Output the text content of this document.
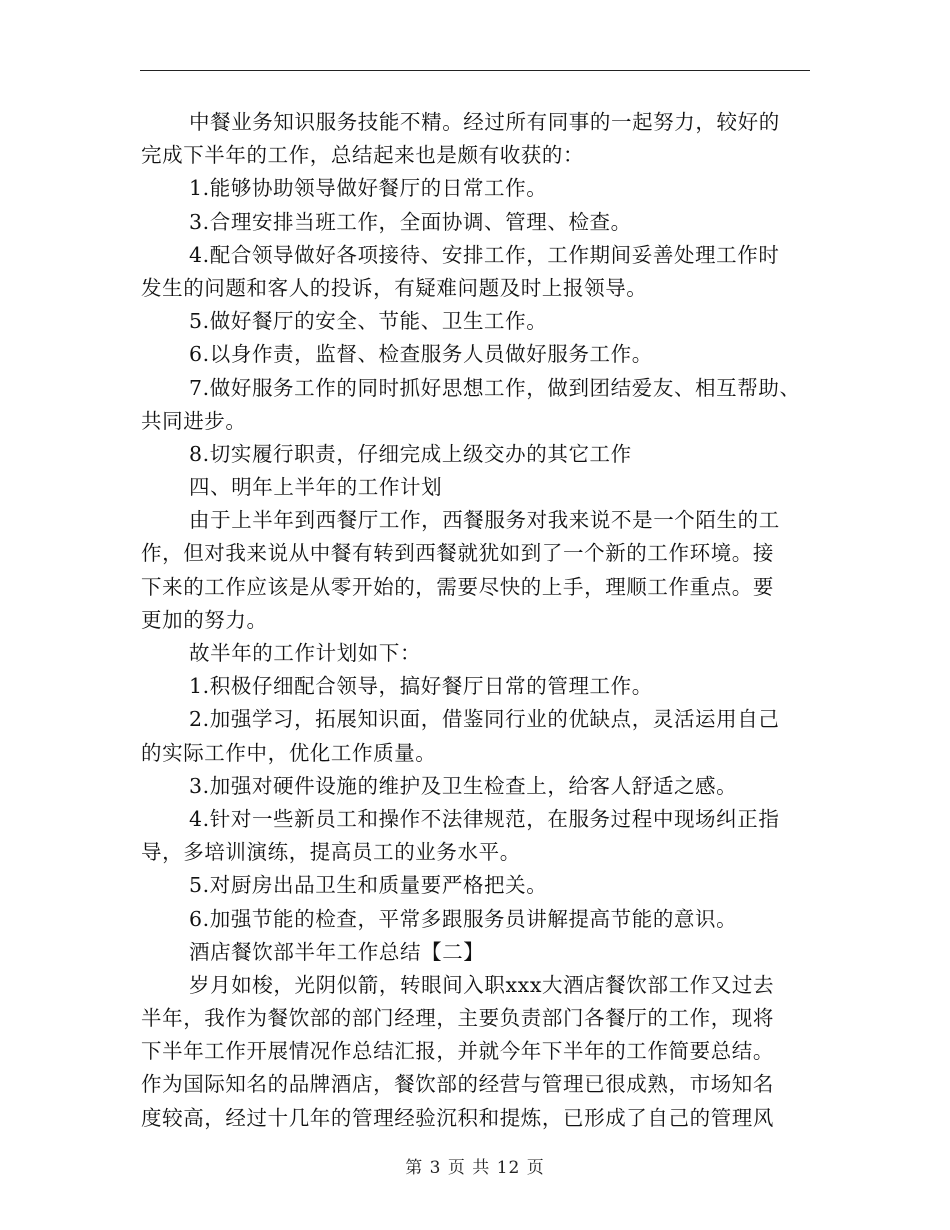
中餐业务知识服务技能不精。经过所有同事的一起努力，较好的
完成下半年的工作，总结起来也是颇有收获的：
1.能够协助领导做好餐厅的日常工作。
3.合理安排当班工作，全面协调、管理、检查。
4.配合领导做好各项接待、安排工作，工作期间妥善处理工作时
发生的问题和客人的投诉，有疑难问题及时上报领导。
5.做好餐厅的安全、节能、卫生工作。
6.以身作责，监督、检查服务人员做好服务工作。
7.做好服务工作的同时抓好思想工作，做到团结爱友、相互帮助、
共同进步。
8.切实履行职责，仔细完成上级交办的其它工作
四、明年上半年的工作计划
由于上半年到西餐厅工作，西餐服务对我来说不是一个陌生的工
作，但对我来说从中餐有转到西餐就犹如到了一个新的工作环境。接
下来的工作应该是从零开始的，需要尽快的上手，理顺工作重点。要
更加的努力。
故半年的工作计划如下：
1.积极仔细配合领导，搞好餐厅日常的管理工作。
2.加强学习，拓展知识面，借鉴同行业的优缺点，灵活运用自己
的实际工作中，优化工作质量。
3.加强对硬件设施的维护及卫生检查上，给客人舒适之感。
4.针对一些新员工和操作不法律规范，在服务过程中现场纠正指
导，多培训演练，提高员工的业务水平。
5.对厨房出品卫生和质量要严格把关。
6.加强节能的检查，平常多跟服务员讲解提高节能的意识。
酒店餐饮部半年工作总结【二】
岁月如梭，光阴似箭，转眼间入职xxx大酒店餐饮部工作又过去
半年，我作为餐饮部的部门经理，主要负责部门各餐厅的工作，现将
下半年工作开展情况作总结汇报，并就今年下半年的工作简要总结。
作为国际知名的品牌酒店，餐饮部的经营与管理已很成熟，市场知名
度较高，经过十几年的管理经验沉积和提炼，已形成了自己的管理风
第 3 页 共 12 页
